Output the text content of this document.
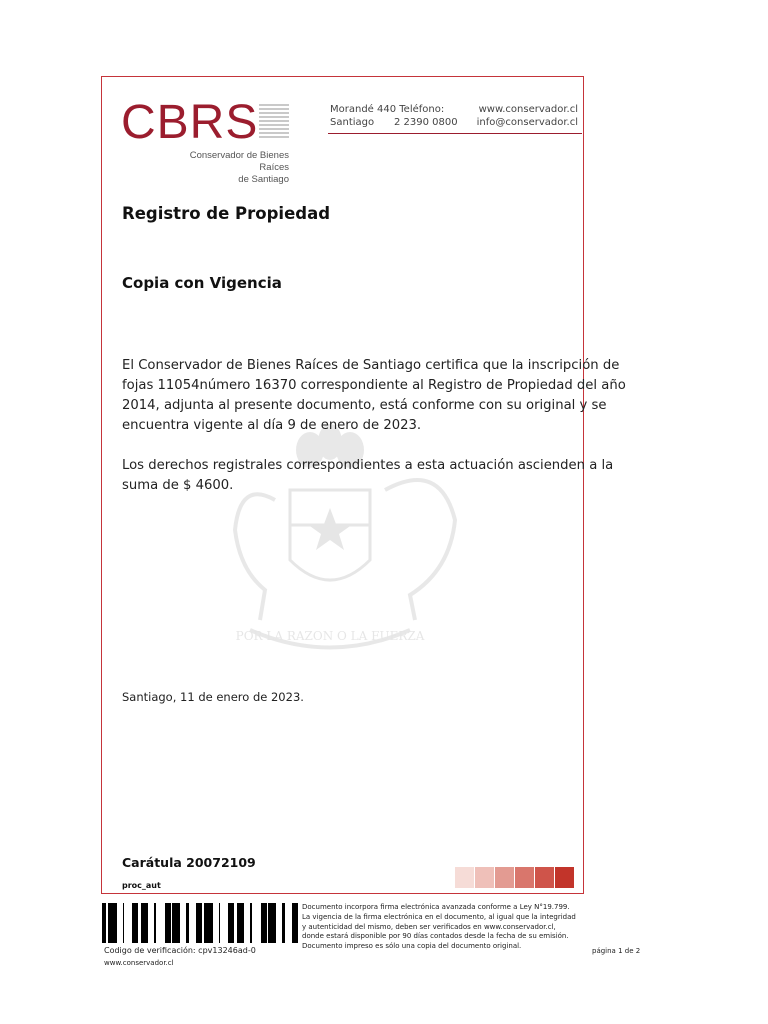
POR LA RAZON O LA FUERZA
CBRS
Conservador de Bienes Raíces
de Santiago
Morandé 440 Teléfono:	www.conservador.cl
Santiago 2 2390 0800 info@conservador.cl
Registro de Propiedad
Copia con Vigencia

El Conservador de Bienes Raíces de Santiago certifica que la inscripción de fojas 11054número 16370 correspondiente al Registro de Propiedad del año 2014, adjunta al presente documento, está conforme con su original y se encuentra vigente al día 9 de enero de 2023.

Los derechos registrales correspondientes a esta actuación ascienden a la suma de $ 4600.

Santiago, 11 de enero de 2023.
Carátula 20072109
proc_aut
Codigo de verificación: cpv13246ad-0
www.conservador.cl
Documento incorpora firma electrónica avanzada conforme a Ley N°19.799.
La vigencia de la firma electrónica en el documento, al igual que la integridad
y autenticidad del mismo, deben ser verificados en www.conservador.cl,
donde estará disponible por 90 días contados desde la fecha de su emisión.
Documento impreso es sólo una copia del documento original.
página 1 de 2
